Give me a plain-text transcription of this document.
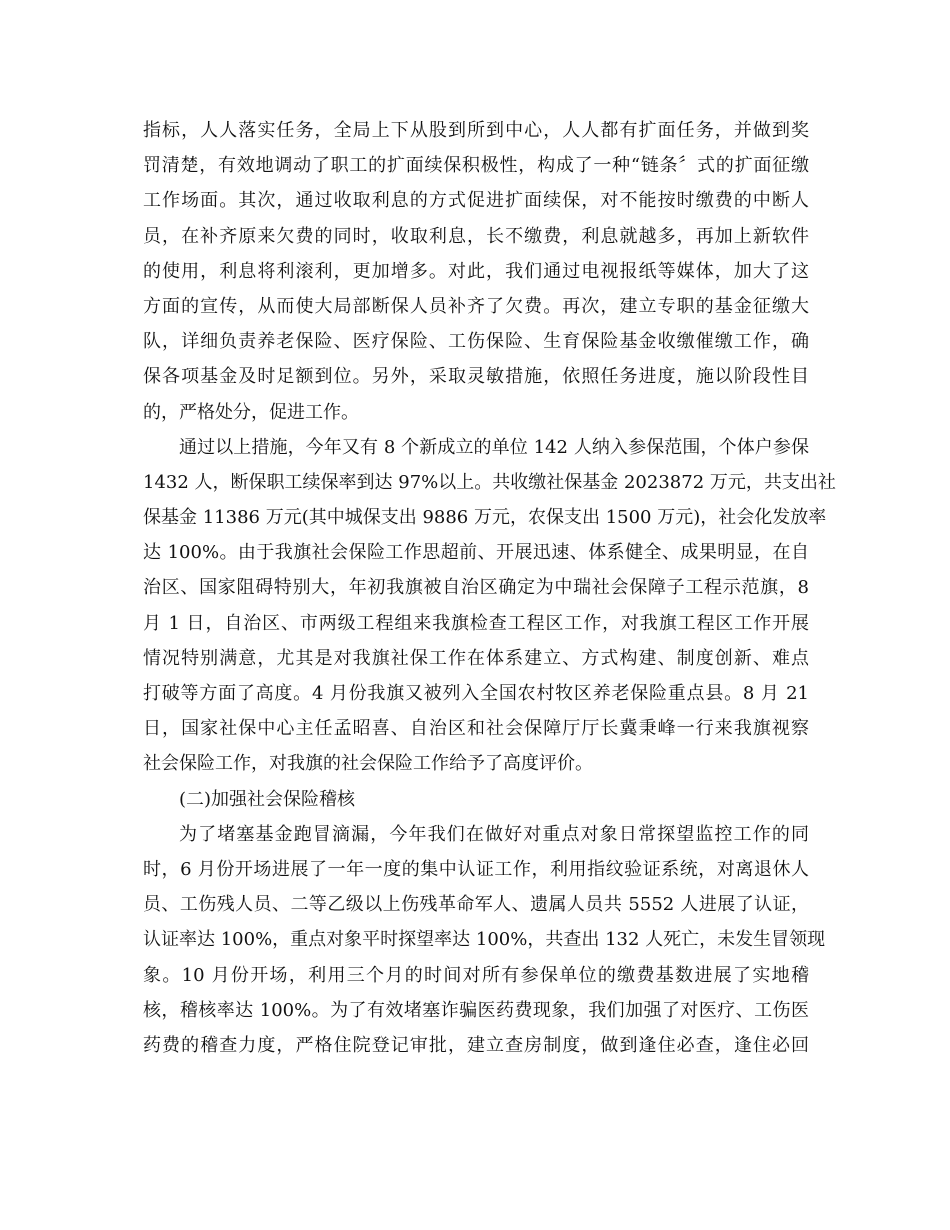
指标，人人落实任务，全局上下从股到所到中心，人人都有扩面任务，并做到奖
罚清楚，有效地调动了职工的扩面续保积极性，构成了一种“链条〞式的扩面征缴
工作场面。其次，通过收取利息的方式促进扩面续保，对不能按时缴费的中断人
员，在补齐原来欠费的同时，收取利息，长不缴费，利息就越多，再加上新软件
的使用，利息将利滚利，更加增多。对此，我们通过电视报纸等媒体，加大了这
方面的宣传，从而使大局部断保人员补齐了欠费。再次，建立专职的基金征缴大
队，详细负责养老保险、医疗保险、工伤保险、生育保险基金收缴催缴工作，确
保各项基金及时足额到位。另外，采取灵敏措施，依照任务进度，施以阶段性目
的，严格处分，促进工作。
通过以上措施，今年又有 8 个新成立的单位 142 人纳入参保范围，个体户参保
1432 人，断保职工续保率到达 97%以上。共收缴社保基金 2023872 万元，共支出社
保基金 11386 万元(其中城保支出 9886 万元，农保支出 1500 万元)，社会化发放率
达 100%。由于我旗社会保险工作思超前、开展迅速、体系健全、成果明显，在自
治区、国家阻碍特别大，年初我旗被自治区确定为中瑞社会保障子工程示范旗，8
月 1 日，自治区、市两级工程组来我旗检查工程区工作，对我旗工程区工作开展
情况特别满意，尤其是对我旗社保工作在体系建立、方式构建、制度创新、难点
打破等方面了高度。4 月份我旗又被列入全国农村牧区养老保险重点县。8 月 21
日，国家社保中心主任孟昭喜、自治区和社会保障厅厅长冀秉峰一行来我旗视察
社会保险工作，对我旗的社会保险工作给予了高度评价。
(二)加强社会保险稽核
为了堵塞基金跑冒滴漏，今年我们在做好对重点对象日常探望监控工作的同
时，6 月份开场进展了一年一度的集中认证工作，利用指纹验证系统，对离退休人
员、工伤残人员、二等乙级以上伤残革命军人、遗属人员共 5552 人进展了认证，
认证率达 100%，重点对象平时探望率达 100%，共查出 132 人死亡，未发生冒领现
象。10 月份开场，利用三个月的时间对所有参保单位的缴费基数进展了实地稽
核，稽核率达 100%。为了有效堵塞诈骗医药费现象，我们加强了对医疗、工伤医
药费的稽查力度，严格住院登记审批，建立查房制度，做到逢住必查，逢住必回
